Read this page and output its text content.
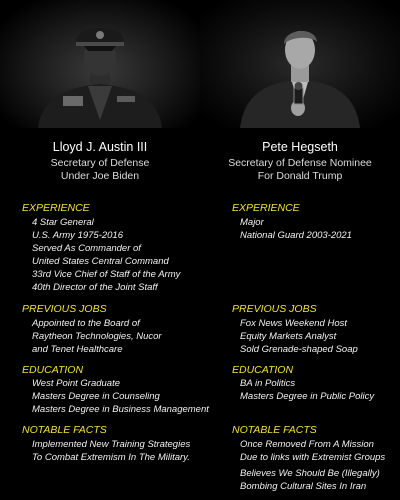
Lloyd J. Austin III
Secretary of Defense
Under Joe Biden
Pete Hegseth
Secretary of Defense Nominee
For Donald Trump
EXPERIENCE
4 Star General
U.S. Army 1975-2016
Served As Commander of
United States Central Command
33rd Vice Chief of Staff of the Army
40th Director of the Joint Staff
PREVIOUS JOBS
Appointed to the Board of
Raytheon Technologies, Nucor
and Tenet Healthcare
EDUCATION
West Point Graduate
Masters Degree in Counseling
Masters Degree in Business Management
NOTABLE FACTS
Implemented New Training Strategies
To Combat Extremism In The Military.
EXPERIENCE
Major
National Guard 2003-2021
PREVIOUS JOBS
Fox News Weekend Host
Equity Markets Analyst
Sold Grenade-shaped Soap
EDUCATION
BA in Politics
Masters Degree in Public Policy
NOTABLE FACTS
Once Removed From A Mission
Due to links with Extremist Groups
Believes We Should Be (Illegally)
Bombing Cultural Sites In Iran
